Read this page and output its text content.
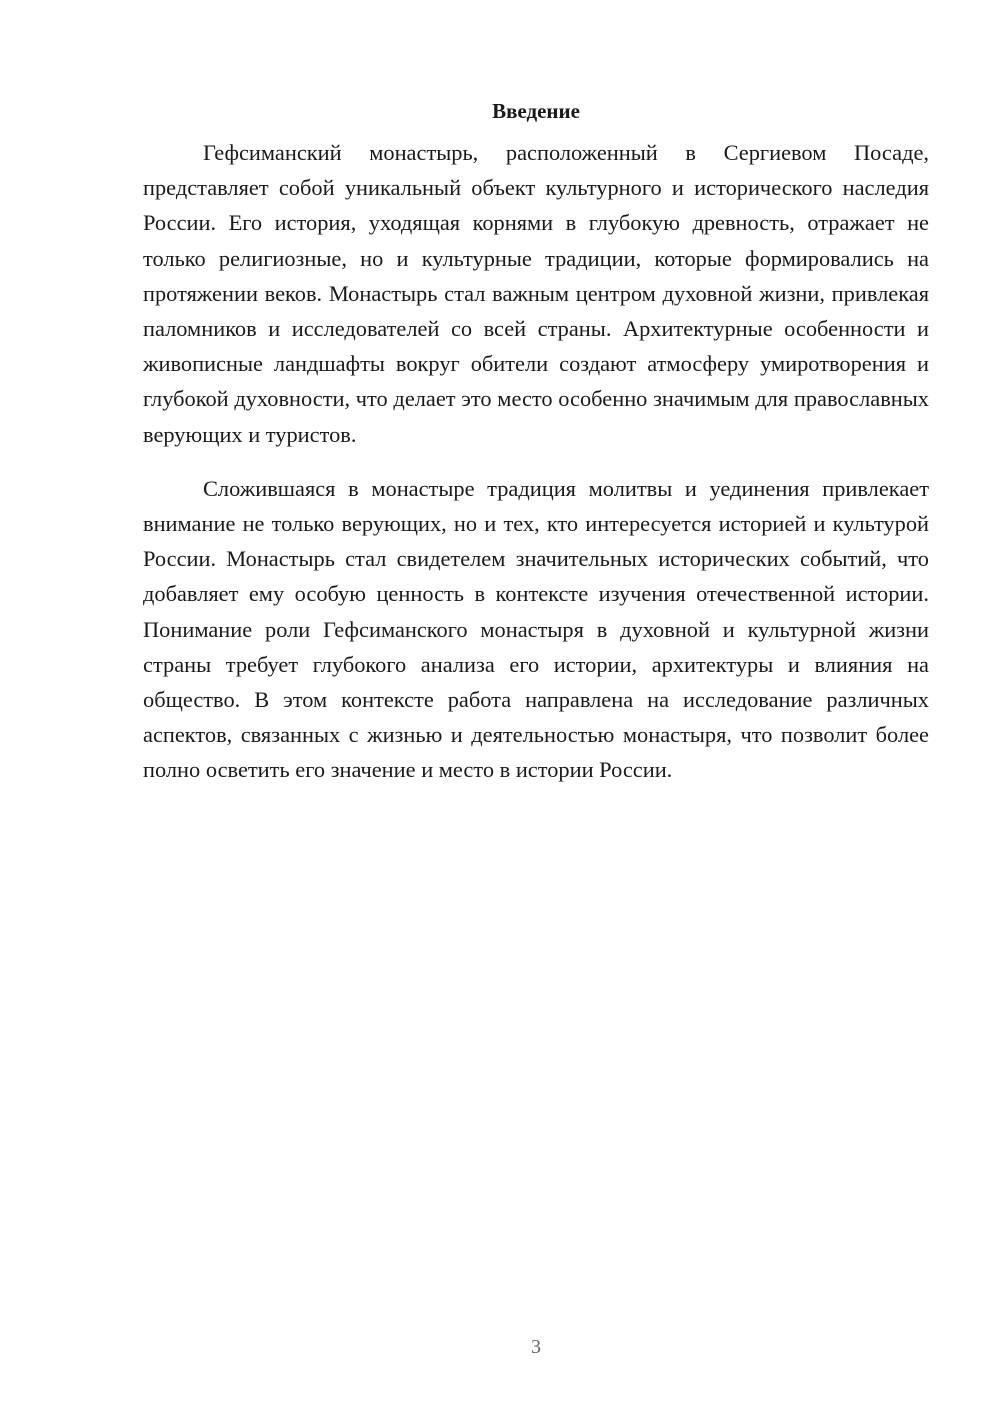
Введение

Гефсиманский монастырь, расположенный в Сергиевом Посаде, представляет собой уникальный объект культурного и исторического наследия России. Его история, уходящая корнями в глубокую древность, отражает не только религиозные, но и культурные традиции, которые формировались на протяжении веков. Монастырь стал важным центром духовной жизни, привлекая паломников и исследователей со всей страны. Архитектурные особенности и живописные ландшафты вокруг обители создают атмосферу умиротворения и глубокой духовности, что делает это место особенно значимым для православных верующих и туристов.

Сложившаяся в монастыре традиция молитвы и уединения привлекает внимание не только верующих, но и тех, кто интересуется историей и культурой России. Монастырь стал свидетелем значительных исторических событий, что добавляет ему особую ценность в контексте изучения отечественной истории. Понимание роли Гефсиманского монастыря в духовной и культурной жизни страны требует глубокого анализа его истории, архитектуры и влияния на общество. В этом контексте работа направлена на исследование различных аспектов, связанных с жизнью и деятельностью монастыря, что позволит более полно осветить его значение и место в истории России.

3
